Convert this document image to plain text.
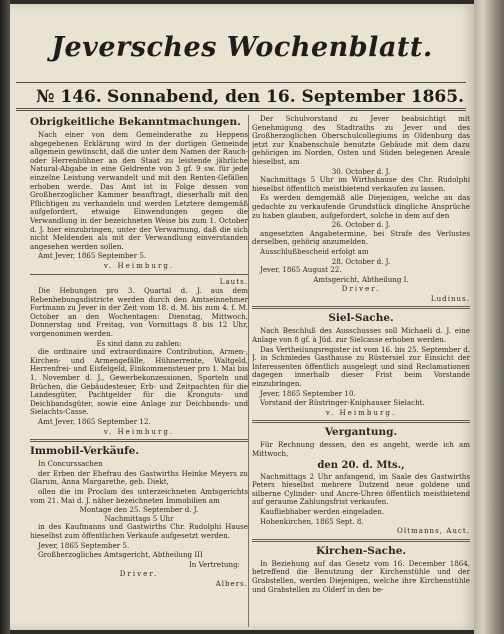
Jeversches Wochenblatt.
№ 146. Sonnabend, den 16. September 1865.
Obrigkeitliche Bekanntmachungen.

Nach einer von dem Gemeinderathe zu Heppens abgegebenen Erklärung wird in der dortigen Gemeinde allgemein gewünscht, daß die unter dem Namen der Rauch- oder Herrenhühner an den Staat zu leistende jährliche Natural-Abgabe in eine Geldrente von 3 gf. 9 sw. für jede einzelne Leistung verwandelt und mit den Renten-Gefällen erhoben werde. Das Amt ist in Folge dessen von Großherzoglicher Kammer beauftragt, dieserhalb mit den Pflichtigen zu verhandeln und werden Letztere demgemäß aufgefordert, etwaige Einwendungen gegen die Verwandlung in der bezeichneten Weise bis zum 1. October d. J. hier einzubringen, unter der Verwarnung, daß die sich nicht Meldenden als mit der Verwandlung einverstanden angesehen werden sollen.

Amt Jever, 1865 September 5.

v. Heimburg.

Lauts.

Die Hebungen pro 3. Quartal d. J. aus dem Rebenhebungsdistricte werden durch den Amtseinnehmer Fortmann zu Jever in der Zeit vom 18. d. M. bis zum 4. f. M. October an den Wochentagen: Dienstag, Mittwoch, Donnerstag und Freitag, von Vormittags 8 bis 12 Uhr, vorgenommen werden.

Es sind dann zu zahlen:

die ordinaire und extraordinaire Contribution, Armen-, Kirchen- und Armengefälle, Hühnerrente, Waltgeld, Herrenfrei- und Eisfelgeld, Einkommensteuer pro 1. Mai bis 1. November d. J., Gewerbekonzessionen, Sporteln und Brüchen, die Gebäudesteuer, Erb- und Zeitpachten für die Landesgüter, Pachtgelder für die Kronguts- und Deichbandsgüter, sowie eine Anlage zur Deichbands- und Sielachts-Casse.

Amt Jever, 1865 September 12.

v. Heimburg.

Immobil-Verkäufe.

In Concurssachen

der Erben der Ehefrau des Gastwirths Heinke Meyers zu Glarum, Anna Margarethe, geb. Diekt,

ollen die im Proclam des unterzeichneten Amtsgerichts vom 21. Mai d. J. näher bezeichneten Immobilien am

Montage den 25. September d. J.

Nachmittags 5 Uhr

in des Kaufmanns und Gastwirths Chr. Rudolphi Hause hieselbst zum öffentlichen Verkaufe aufgesetzt werden.

Jever, 1865 September 5.

Großherzogliches Amtsgericht, Abtheilung III

In Vertretung:

Driver.

Albers.

Der Schulvorstand zu Jever beabsichtigt mit Genehmigung des Stadtraths zu Jever und des Großherzoglichen Oberschulcollegiums in Oldenburg das jetzt zur Knabenschule benutzte Gebäude mit dem dazu gehörigen im Norden, Osten und Süden belegenen Areale hieselbst, am

30. October d. J.

Nachmittags 5 Uhr im Wirthshause des Chr. Rudolphi hieselbst öffentlich meistbietend verkaufen zu lassen.

Es werden demgemäß alle Diejenigen, welche an das gedachte zu verkaufende Grundstück dingliche Ansprüche zu haben glauben, aufgefordert, solche in dem auf den

26. October d. J.

angesetzten Angabetermine, bei Strafe des Verlustes derselben, gehörig anzumelden.

Ausschlußbescheid erfolgt am

28. October d. J.

Jever, 1865 August 22.

Amtsgericht, Abtheilung I.

Driver.

Ludinus.

Siel-Sache.

Nach Beschluß des Ausschusses soll Michaeli d. J. eine Anlage von 8 gf. à Jüd. zur Sielcasse erhoben werden.

Das Vertheilungsregister ist vom 16. bis 25. September d. J. in Schmiedes Gasthause zu Rüstersiel zur Einsicht der Interessenten öffentlich ausgelegt und sind Reclamationen dagegen innerhalb dieser Frist beim Vorstande einzubringen.

Jever, 1865 September 10.

Vorstand der Rüstringer-Kniphauser Sielacht.

v. Heimburg.

Vergantung.

Für Rechnung dessen, den es angeht, werde ich am Mittwoch,

den 20. d. Mts.,

Nachmittags 2 Uhr anfangend, im Saale des Gastwirths Peters hieselbst mehrere Dutzend neue goldene und silberne Cylinder- und Ancre-Uhren öffentlich meistbietend auf geraume Zahlungsfrist verkaufen.

Kaufliebhaber werden eingeladen.

Hohenkirchen, 1865 Sept. 8.

Oltmanns, Auct.

Kirchen-Sache.

In Beziehung auf das Gesetz vom 16. December 1864, betreffend die Benutzung der Kirchenstühle und der Grabstellen, werden Diejenigen, welche ihre Kirchenstühle und Grabstellen zu Olderf in den be-
